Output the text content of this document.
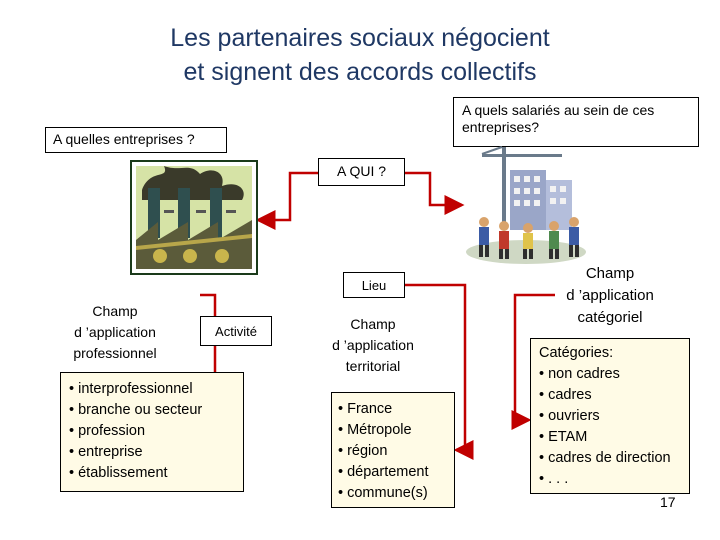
Les partenaires sociaux négocient
et signent des accords collectifs
A quels salariés au sein de ces entreprises?
A quelles entreprises ?
A QUI ?
Lieu
Activité
Champ
d ’application
professionnel
Champ
d ’application
territorial
Champ
d ’application
catégoriel
• interprofessionnel
• branche ou secteur
• profession
• entreprise
• établissement
• France
• Métropole
• région
• département
• commune(s)
Catégories:
• non cadres
• cadres
• ouvriers
• ETAM
• cadres de direction
• . . .
17
